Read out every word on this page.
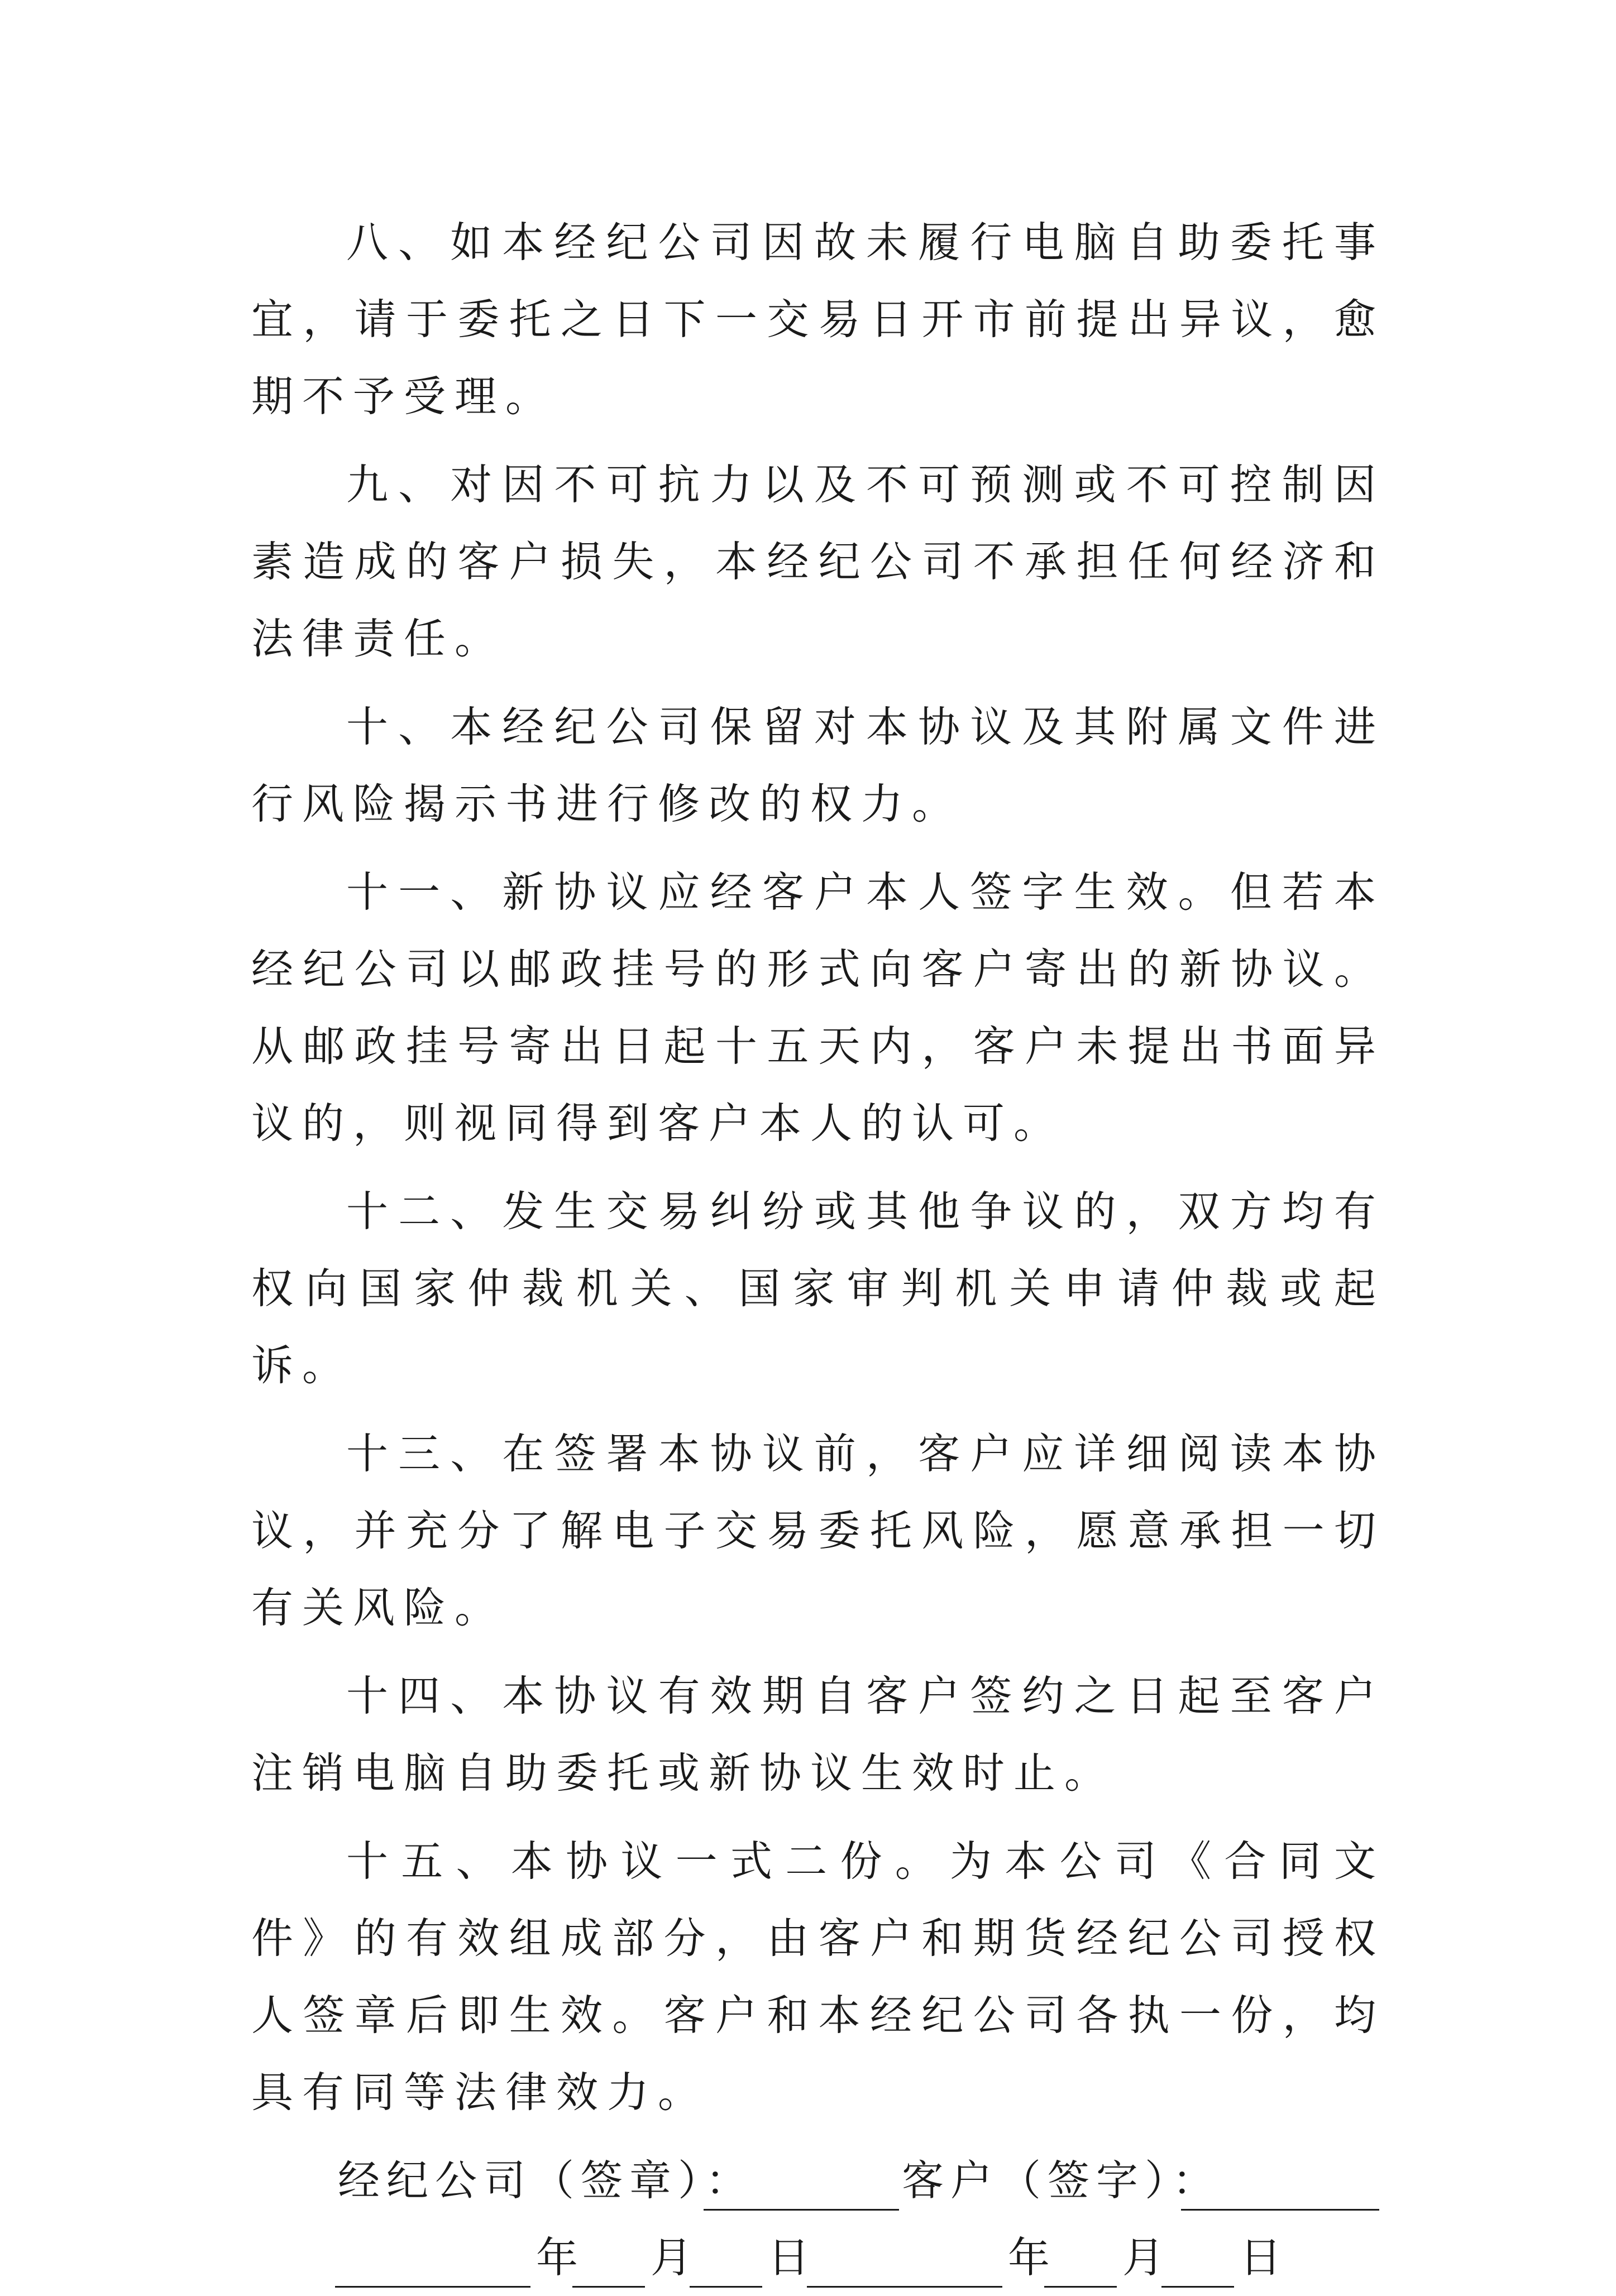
八、如本经纪公司因故未履行电脑自助委托事宜，请于委托之日下一交易日开市前提出异议，愈期不予受理。

九、对因不可抗力以及不可预测或不可控制因素造成的客户损失，本经纪公司不承担任何经济和法律责任。

十、本经纪公司保留对本协议及其附属文件进行风险揭示书进行修改的权力。

十一、新协议应经客户本人签字生效。但若本经纪公司以邮政挂号的形式向客户寄出的新协议。从邮政挂号寄出日起十五天内，客户未提出书面异议的，则视同得到客户本人的认可。

十二、发生交易纠纷或其他争议的，双方均有权向国家仲裁机关、国家审判机关申请仲裁或起诉。

十三、在签署本协议前，客户应详细阅读本协议，并充分了解电子交易委托风险，愿意承担一切有关风险。

十四、本协议有效期自客户签约之日起至客户注销电脑自助委托或新协议生效时止。

十五、本协议一式二份。为本公司《合同文件》的有效组成部分，由客户和期货经纪公司授权人签章后即生效。客户和本经纪公司各执一份，均具有同等法律效力。

经纪公司（签章）：	客户（签字）：
年 月 日	年 月 日
